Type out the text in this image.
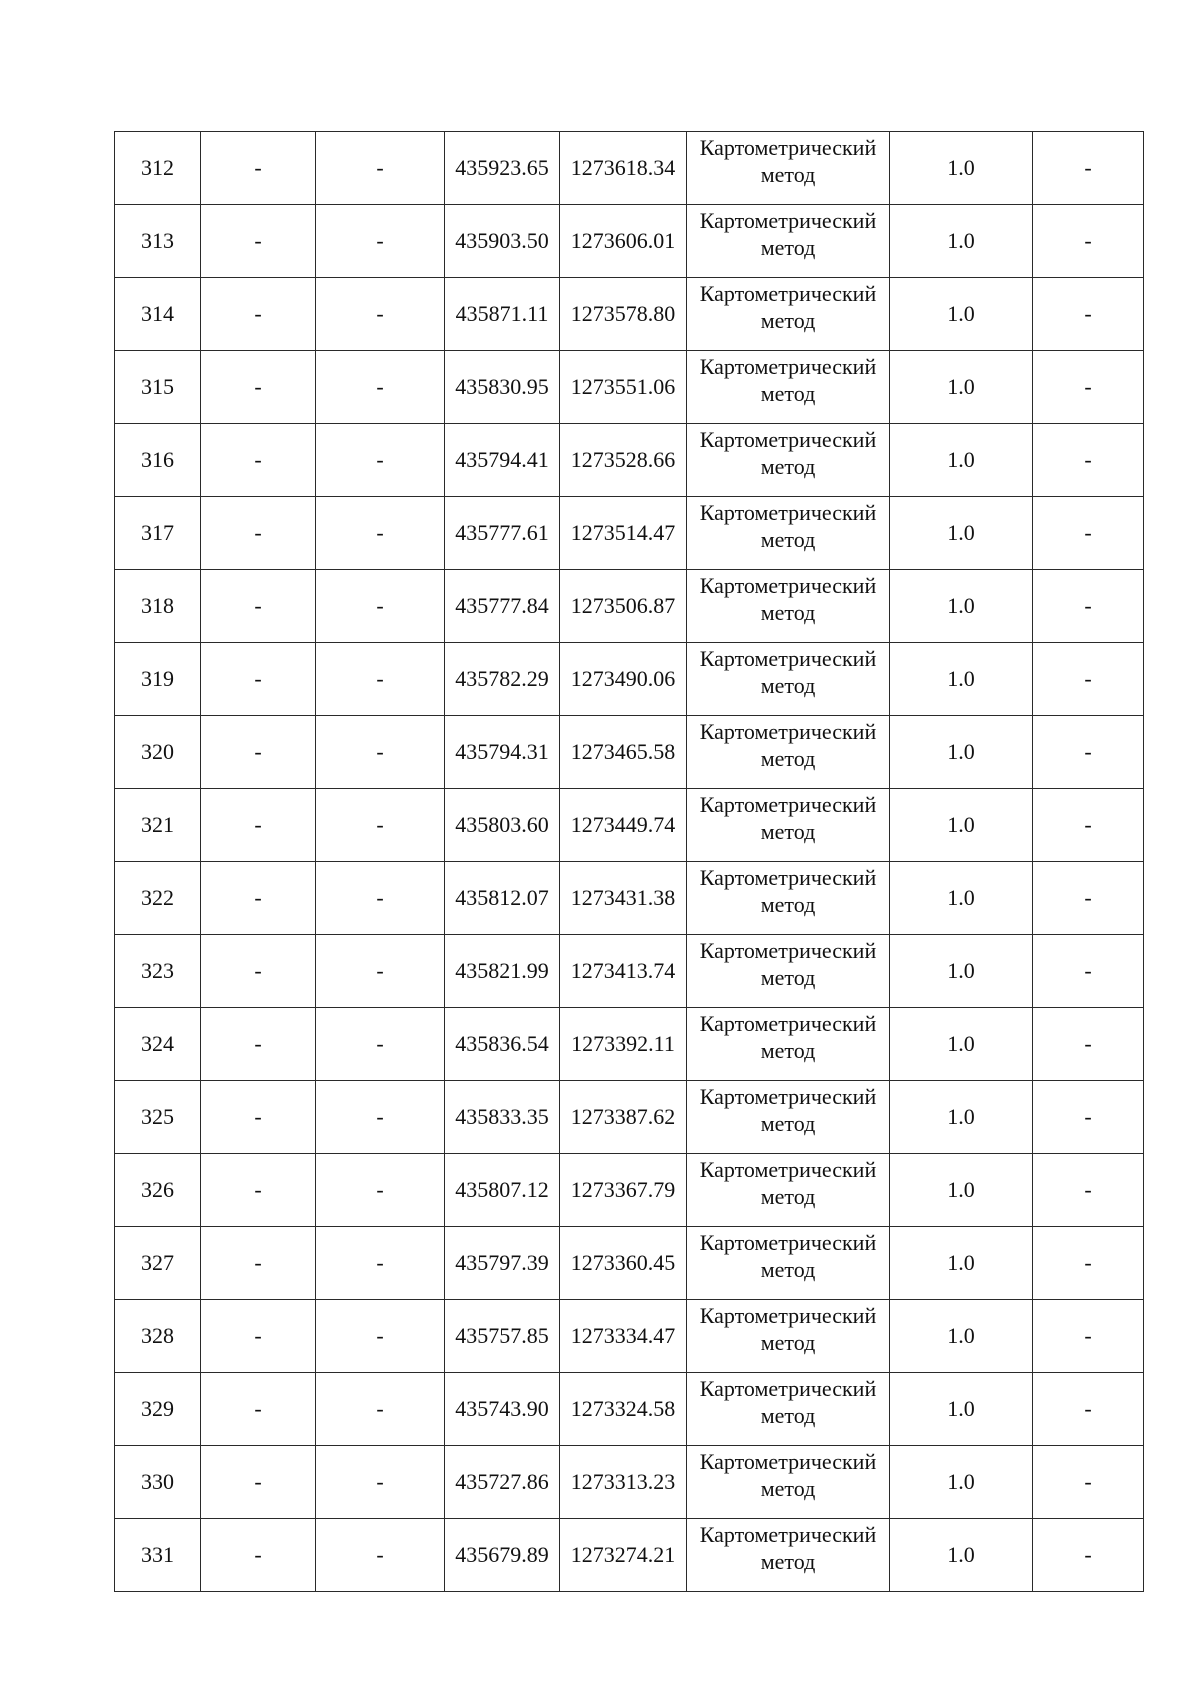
312	-	-	435923.65	1273618.34	Картометрический метод	1.0	-
313	-	-	435903.50	1273606.01	Картометрический метод	1.0	-
314	-	-	435871.11	1273578.80	Картометрический метод	1.0	-
315	-	-	435830.95	1273551.06	Картометрический метод	1.0	-
316	-	-	435794.41	1273528.66	Картометрический метод	1.0	-
317	-	-	435777.61	1273514.47	Картометрический метод	1.0	-
318	-	-	435777.84	1273506.87	Картометрический метод	1.0	-
319	-	-	435782.29	1273490.06	Картометрический метод	1.0	-
320	-	-	435794.31	1273465.58	Картометрический метод	1.0	-
321	-	-	435803.60	1273449.74	Картометрический метод	1.0	-
322	-	-	435812.07	1273431.38	Картометрический метод	1.0	-
323	-	-	435821.99	1273413.74	Картометрический метод	1.0	-
324	-	-	435836.54	1273392.11	Картометрический метод	1.0	-
325	-	-	435833.35	1273387.62	Картометрический метод	1.0	-
326	-	-	435807.12	1273367.79	Картометрический метод	1.0	-
327	-	-	435797.39	1273360.45	Картометрический метод	1.0	-
328	-	-	435757.85	1273334.47	Картометрический метод	1.0	-
329	-	-	435743.90	1273324.58	Картометрический метод	1.0	-
330	-	-	435727.86	1273313.23	Картометрический метод	1.0	-
331	-	-	435679.89	1273274.21	Картометрический метод	1.0	-
